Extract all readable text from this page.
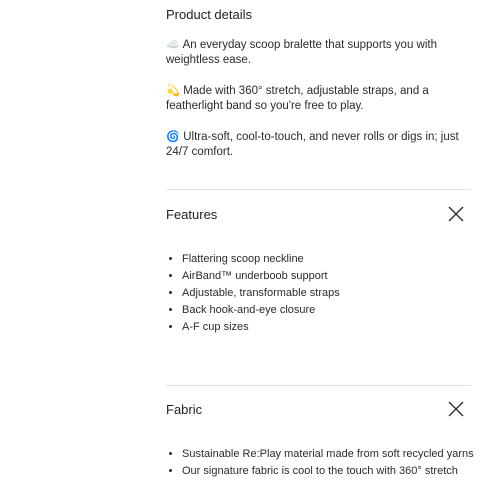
Product details
☁️ An everyday scoop bralette that supports you with weightless ease.
💫 Made with 360° stretch, adjustable straps, and a featherlight band so you're free to play.
🌀 Ultra-soft, cool-to-touch, and never rolls or digs in; just 24/7 comfort.
Features
• Flattering scoop neckline
• AirBand™ underboob support
• Adjustable, transformable straps
• Back hook-and-eye closure
• A-F cup sizes
Fabric
• Sustainable Re:Play material made from soft recycled yarns
• Our signature fabric is cool to the touch with 360° stretch
